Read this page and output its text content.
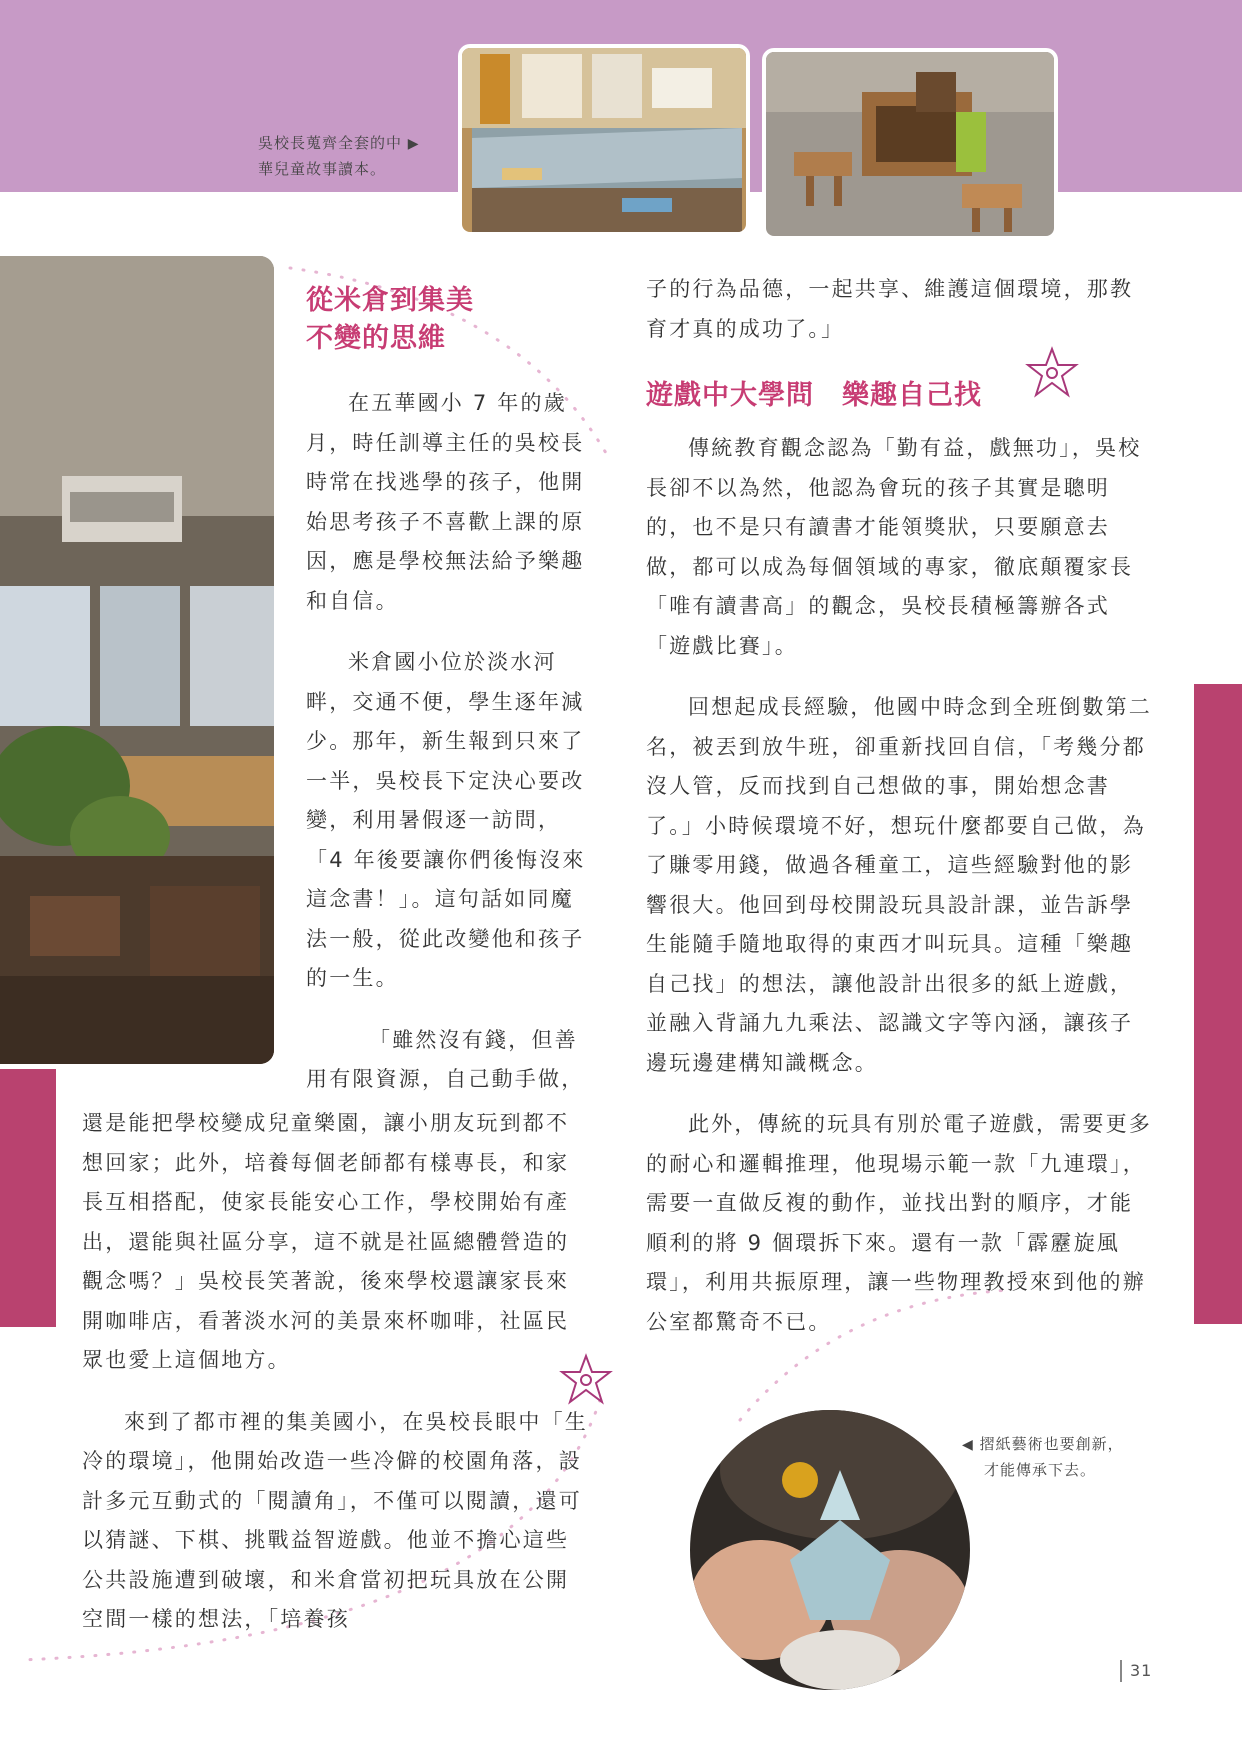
吳校長蒐齊全套的中 ▶
華兒童故事讀本。

從米倉到集美

不變的思維

在五華國小 7 年的歲月，時任訓導主任的吳校長時常在找逃學的孩子，他開始思考孩子不喜歡上課的原因，應是學校無法給予樂趣和自信。

米倉國小位於淡水河畔，交通不便，學生逐年減少。那年，新生報到只來了一半，吳校長下定決心要改變，利用暑假逐一訪問，「4 年後要讓你們後悔沒來這念書！」。這句話如同魔法一般，從此改變他和孩子的一生。

「雖然沒有錢，但善用有限資源，自己動手做，

還是能把學校變成兒童樂園，讓小朋友玩到都不想回家；此外，培養每個老師都有樣專長，和家長互相搭配，使家長能安心工作，學校開始有產出，還能與社區分享，這不就是社區總體營造的觀念嗎？」吳校長笑著說，後來學校還讓家長來開咖啡店，看著淡水河的美景來杯咖啡，社區民眾也愛上這個地方。

來到了都市裡的集美國小，在吳校長眼中「生冷的環境」，他開始改造一些冷僻的校園角落，設計多元互動式的「閱讀角」，不僅可以閱讀，還可以猜謎、下棋、挑戰益智遊戲。他並不擔心這些公共設施遭到破壞，和米倉當初把玩具放在公開空間一樣的想法，「培養孩

子的行為品德，一起共享、維護這個環境，那教育才真的成功了。」

遊戲中大學問　樂趣自己找

傳統教育觀念認為「勤有益，戲無功」，吳校長卻不以為然，他認為會玩的孩子其實是聰明的，也不是只有讀書才能領獎狀，只要願意去做，都可以成為每個領域的專家，徹底顛覆家長「唯有讀書高」的觀念，吳校長積極籌辦各式「遊戲比賽」。

回想起成長經驗，他國中時念到全班倒數第二名，被丟到放牛班，卻重新找回自信，「考幾分都沒人管，反而找到自己想做的事，開始想念書了。」小時候環境不好，想玩什麼都要自己做，為了賺零用錢，做過各種童工，這些經驗對他的影響很大。他回到母校開設玩具設計課，並告訴學生能隨手隨地取得的東西才叫玩具。這種「樂趣自己找」的想法，讓他設計出很多的紙上遊戲，並融入背誦九九乘法、認識文字等內涵，讓孩子邊玩邊建構知識概念。

此外，傳統的玩具有別於電子遊戲，需要更多的耐心和邏輯推理，他現場示範一款「九連環」，需要一直做反複的動作，並找出對的順序，才能順利的將 9 個環拆下來。還有一款「霹靂旋風環」，利用共振原理，讓一些物理教授來到他的辦公室都驚奇不已。

◀ 摺紙藝術也要創新，
才能傳承下去。
31
